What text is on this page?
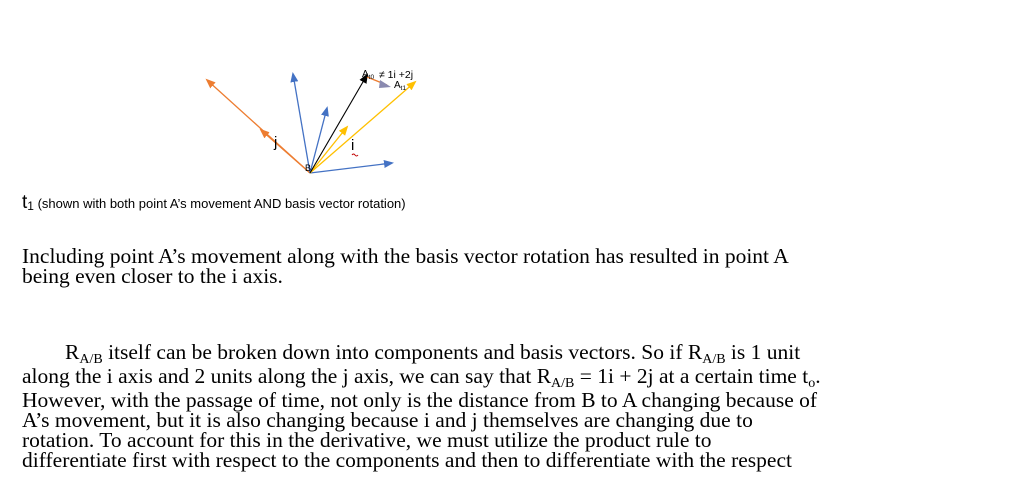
j	i
B
$A_{t0} \ne 1i +2j$
$A_{t1}$
t1 (shown with both point A’s movement AND basis vector rotation)
Including point A’s movement along with the basis vector rotation has resulted in point A
being even closer to the i axis.
RA/B itself can be broken down into components and basis vectors. So if RA/B is 1 unit
along the i axis and 2 units along the j axis, we can say that RA/B = 1i + 2j at a certain time to.
However, with the passage of time, not only is the distance from B to A changing because of
A’s movement, but it is also changing because i and j themselves are changing due to
rotation. To account for this in the derivative, we must utilize the product rule to
differentiate first with respect to the components and then to differentiate with the respect
